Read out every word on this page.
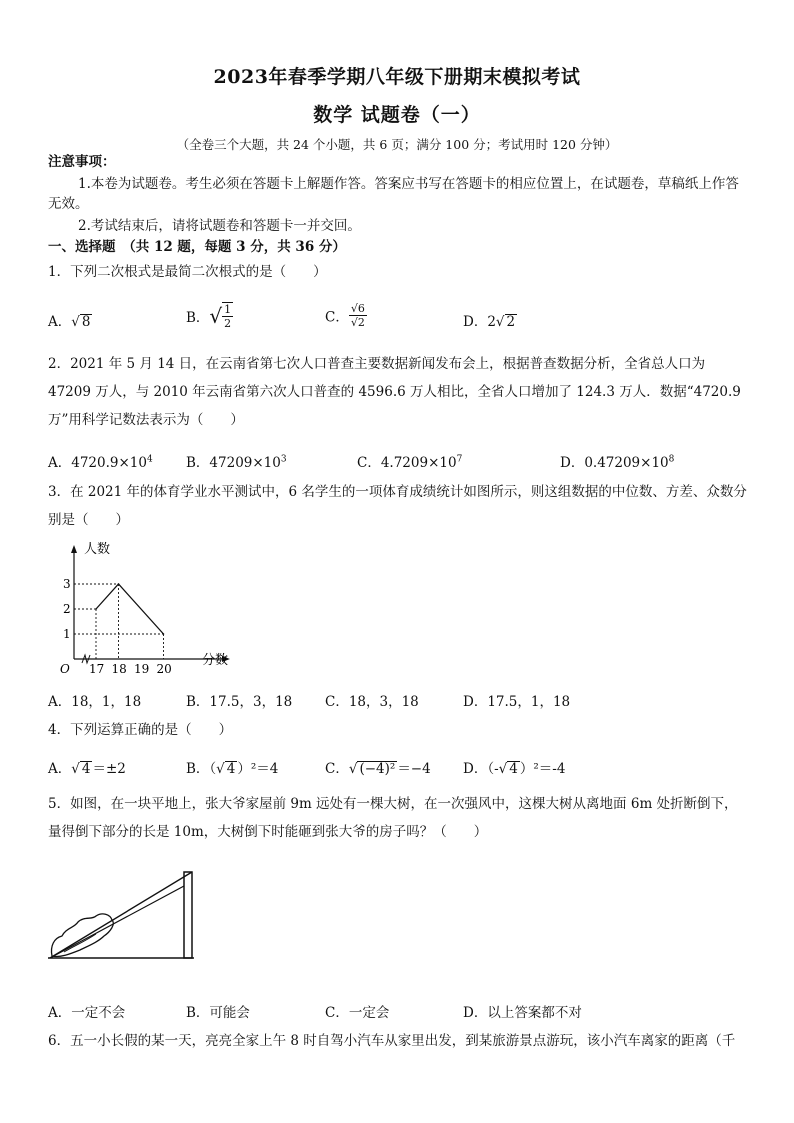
2023年春季学期八年级下册期末模拟考试
数学 试题卷（一）
（全卷三个大题，共 24 个小题，共 6 页；满分 100 分；考试用时 120 分钟）
注意事项：
1.本卷为试题卷。考生必须在答题卡上解题作答。答案应书写在答题卡的相应位置上，在试题卷，草稿纸上作答无效。
2.考试结束后，请将试题卷和答题卡一并交回。
一、选择题　（共 12 题，每题 3 分，共 36 分）
1．下列二次根式是最简二次根式的是（　　）
A．√ 8	B．√ $\frac{1}{2}$	C． $\frac{√6}{√2}$	D．2√ 2
2．2021 年 5 月 14 日，在云南省第七次人口普查主要数据新闻发布会上，根据普查数据分析，全省总人口为 47209 万人，与 2010 年云南省第六次人口普查的 4596.6 万人相比，全省人口增加了 124.3 万人．数据“4720.9 万”用科学记数法表示为（　　）
A．$4720.9\times 10^4$ B．$47209\times 10^3$	C．$4.7209\times 10^7$	D．$0.47209\times 10^8$
3．在 2021 年的体育学业水平测试中，6 名学生的一项体育成绩统计如图所示，则这组数据的中位数、方差、众数分别是（　　）
人数
分数
O 17 18 19 20
1
2
3
A．18，1，18	B．17.5，3，18 C．18，3，18	D．17.5，1，18
4．下列运算正确的是（　　）
A．√ 4 ＝±2	B．（√ 4 ）²＝4	C．√ (−4)² ＝−4 D．（-√ 4 ）²＝-4
5．如图，在一块平地上，张大爷家屋前 9m 远处有一棵大树，在一次强风中，这棵大树从离地面 6m 处折断倒下，量得倒下部分的长是 10m，大树倒下时能砸到张大爷的房子吗？（　　）
A．一定不会	B．可能会	C．一定会	D．以上答案都不对
6．五一小长假的某一天，亮亮全家上午 8 时自驾小汽车从家里出发，到某旅游景点游玩，该小汽车离家的距离（千
